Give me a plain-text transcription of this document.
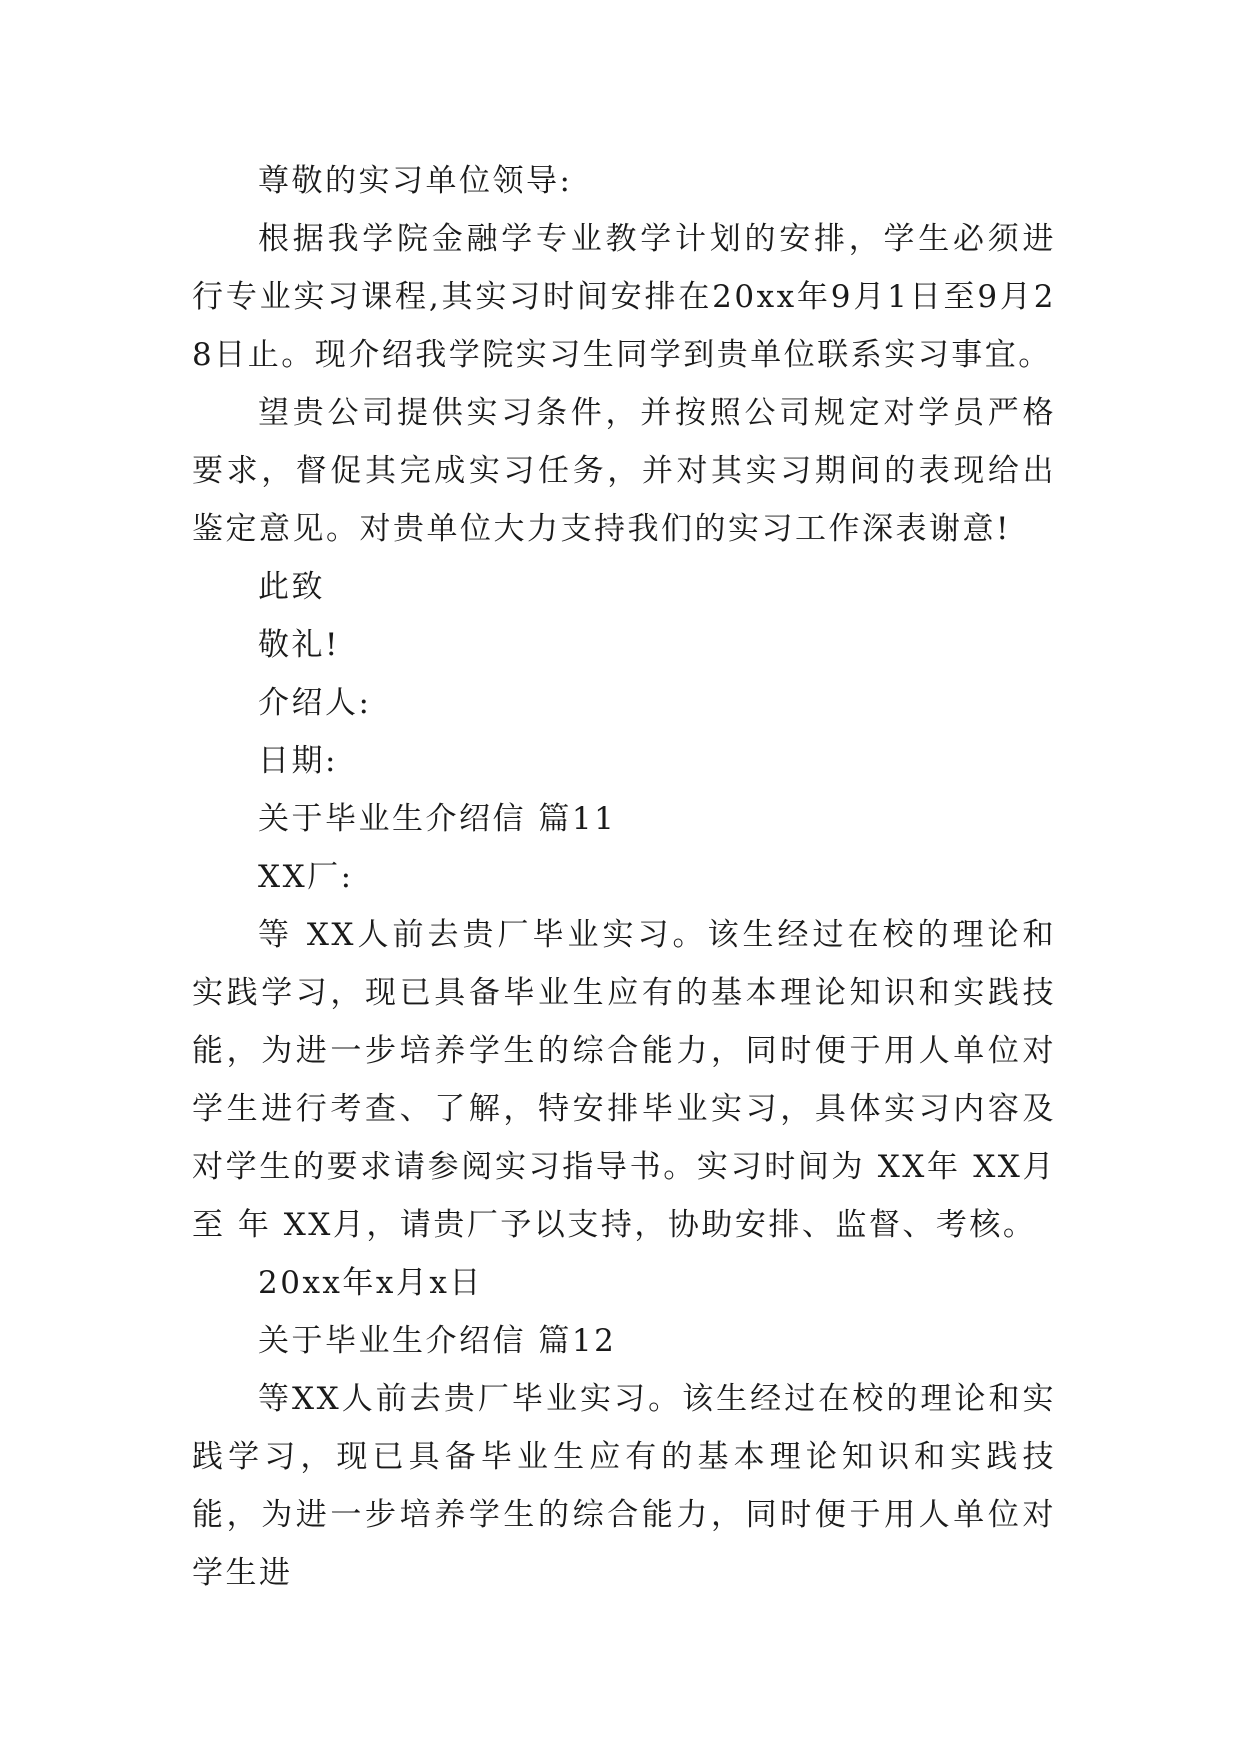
尊敬的实习单位领导:

根据我学院金融学专业教学计划的安排，学生必须进行专业实习课程,其实习时间安排在20xx年9月1日至9月28日止。现介绍我学院实习生同学到贵单位联系实习事宜。

望贵公司提供实习条件，并按照公司规定对学员严格要求，督促其完成实习任务，并对其实习期间的表现给出鉴定意见。对贵单位大力支持我们的实习工作深表谢意!

此致

敬礼!

介绍人:

日期:

关于毕业生介绍信 篇11

XX厂:

等 XX人前去贵厂毕业实习。该生经过在校的理论和实践学习，现已具备毕业生应有的基本理论知识和实践技能，为进一步培养学生的综合能力，同时便于用人单位对学生进行考查、了解，特安排毕业实习，具体实习内容及对学生的要求请参阅实习指导书。实习时间为 XX年 XX月至 年 XX月，请贵厂予以支持，协助安排、监督、考核。

20xx年x月x日

关于毕业生介绍信 篇12

等XX人前去贵厂毕业实习。该生经过在校的理论和实践学习，现已具备毕业生应有的基本理论知识和实践技能，为进一步培养学生的综合能力，同时便于用人单位对学生进
